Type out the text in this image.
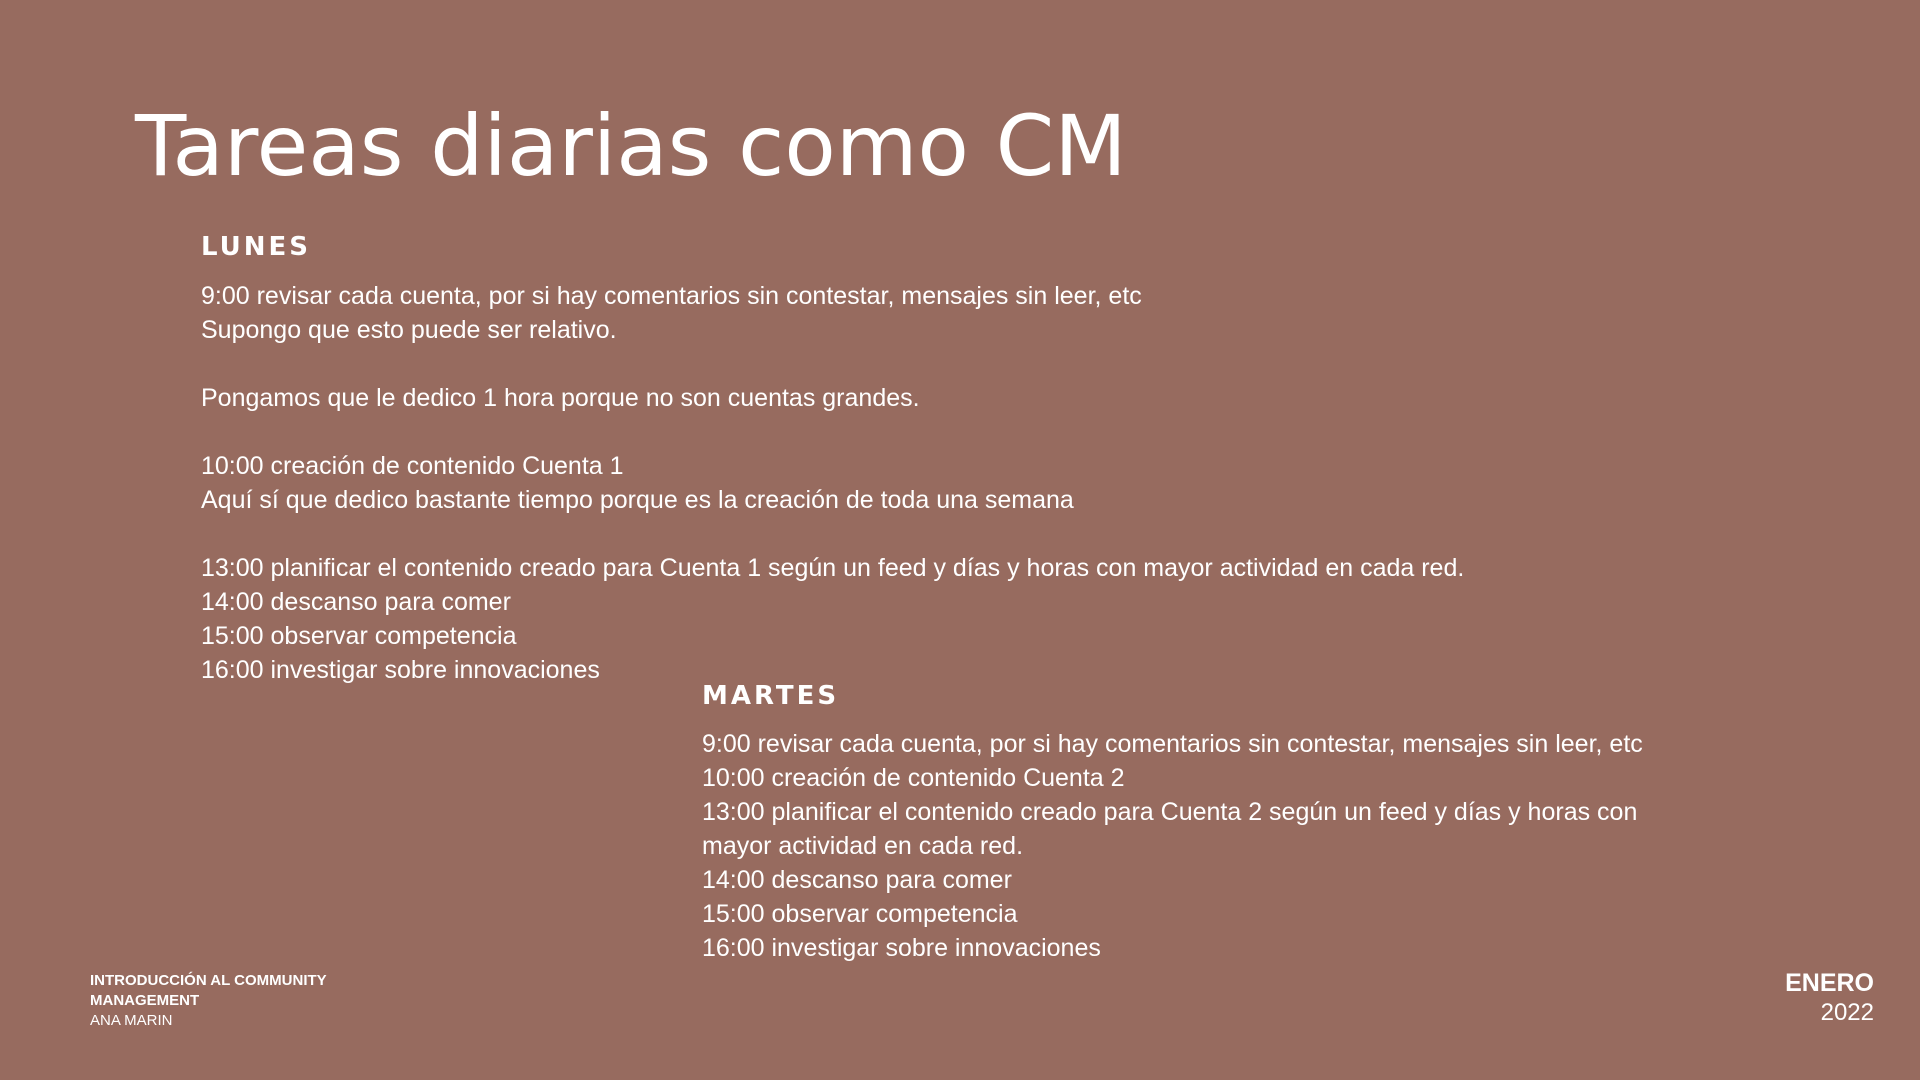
Tareas diarias como CM
LUNES
9:00 revisar cada cuenta, por si hay comentarios sin contestar, mensajes sin leer, etc
Supongo que esto puede ser relativo.
Pongamos que le dedico 1 hora porque no son cuentas grandes.
10:00 creación de contenido Cuenta 1
Aquí sí que dedico bastante tiempo porque es la creación de toda una semana
13:00 planificar el contenido creado para Cuenta 1 según un feed y días y horas con mayor actividad en cada red.
14:00 descanso para comer
15:00 observar competencia
16:00 investigar sobre innovaciones
MARTES
9:00 revisar cada cuenta, por si hay comentarios sin contestar, mensajes sin leer, etc
10:00 creación de contenido Cuenta 2
13:00 planificar el contenido creado para Cuenta 2 según un feed y días y horas con
mayor actividad en cada red.
14:00 descanso para comer
15:00 observar competencia
16:00 investigar sobre innovaciones
INTRODUCCIÓN AL COMMUNITY MANAGEMENT
ANA MARIN
ENERO
2022
